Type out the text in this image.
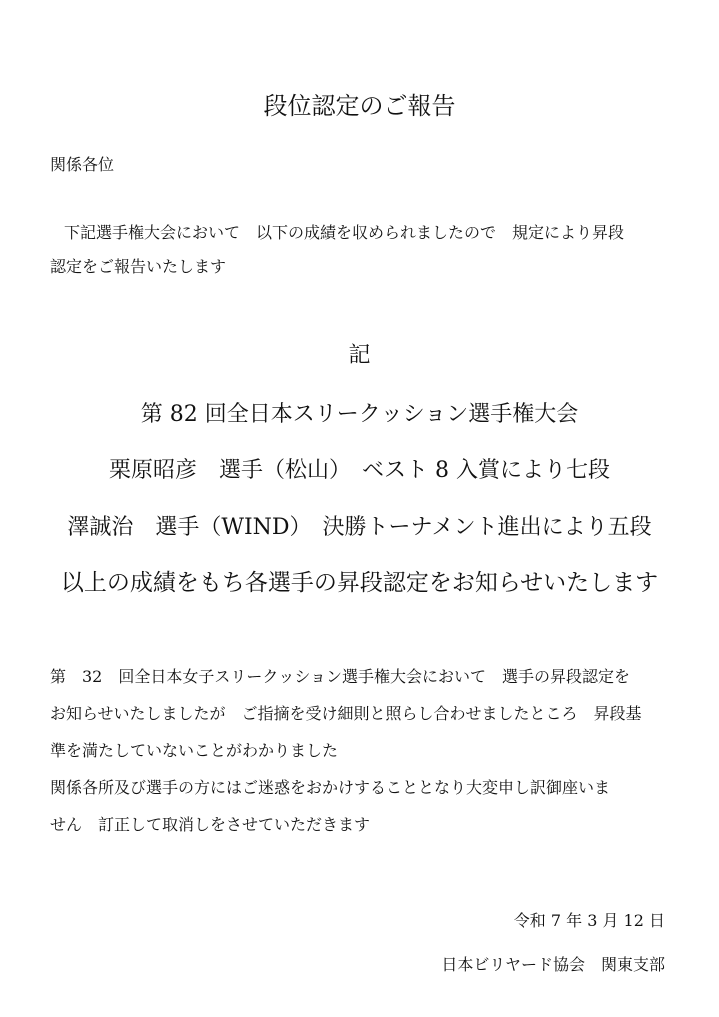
段位認定のご報告
関係各位
下記選手権大会において　以下の成績を収められましたので　規定により昇段
認定をご報告いたします
記
第 82 回全日本スリークッション選手権大会
栗原昭彦　選手（松山）　ベスト 8 入賞により七段
澤誠治　選手（WIND）　決勝トーナメント進出により五段
以上の成績をもち各選手の昇段認定をお知らせいたします
第　32　回全日本女子スリークッション選手権大会において　選手の昇段認定を
お知らせいたしましたが　ご指摘を受け細則と照らし合わせましたところ　昇段基
準を満たしていないことがわかりました
関係各所及び選手の方にはご迷惑をおかけすることとなり大変申し訳御座いま
せん　訂正して取消しをさせていただきます
令和 7 年 3 月 12 日
日本ビリヤード協会　関東支部
